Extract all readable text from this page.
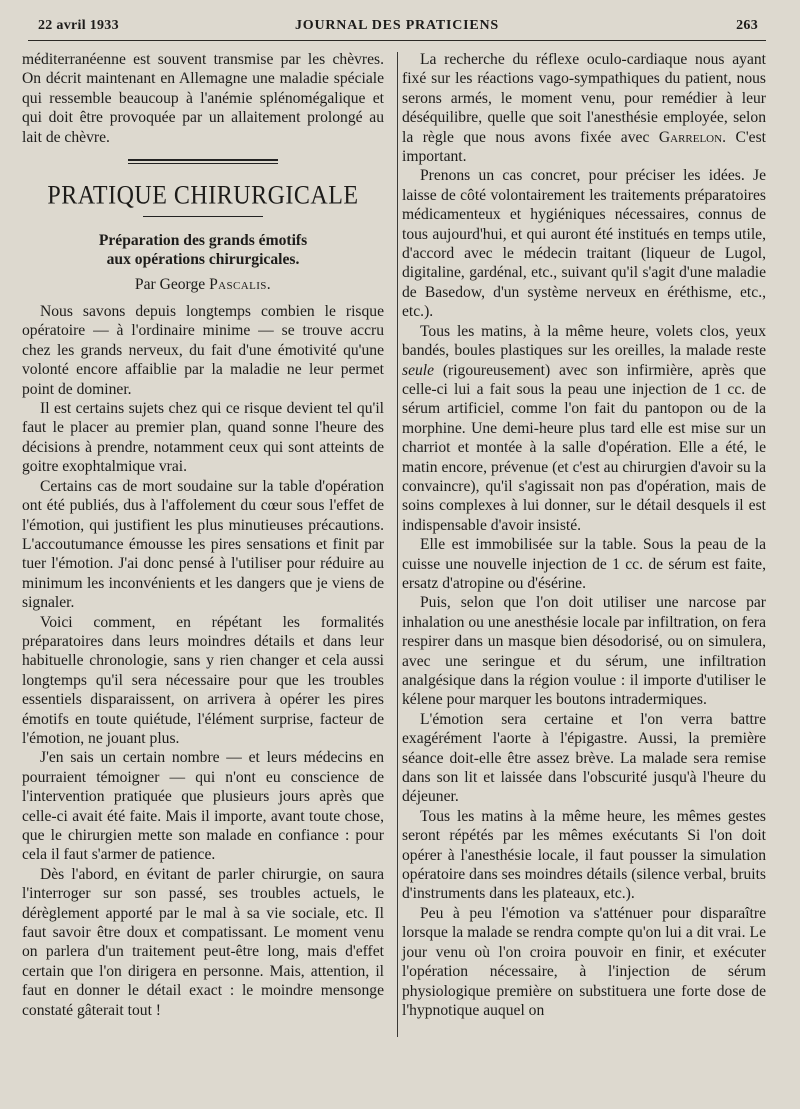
22 avril 1933	JOURNAL DES PRATICIENS	263

méditerranéenne est souvent transmise par les chèvres. On décrit maintenant en Allemagne une maladie spéciale qui ressemble beaucoup à l'anémie splénomégalique et qui doit être provoquée par un allaitement prolongé au lait de chèvre.

PRATIQUE CHIRURGICALE
Préparation des grands émotifs
aux opérations chirurgicales.
Par George Pascalis.

Nous savons depuis longtemps combien le risque opératoire — à l'ordinaire minime — se trouve accru chez les grands nerveux, du fait d'une émotivité qu'une volonté encore affaiblie par la maladie ne leur permet point de dominer.

Il est certains sujets chez qui ce risque devient tel qu'il faut le placer au premier plan, quand sonne l'heure des décisions à prendre, notamment ceux qui sont atteints de goitre exophtalmique vrai.

Certains cas de mort soudaine sur la table d'opération ont été publiés, dus à l'affolement du cœur sous l'effet de l'émotion, qui justifient les plus minutieuses précautions. L'accoutumance émousse les pires sensations et finit par tuer l'émotion. J'ai donc pensé à l'utiliser pour réduire au minimum les inconvénients et les dangers que je viens de signaler.

Voici comment, en répétant les formalités préparatoires dans leurs moindres détails et dans leur habituelle chronologie, sans y rien changer et cela aussi longtemps qu'il sera nécessaire pour que les troubles essentiels disparaissent, on arrivera à opérer les pires émotifs en toute quiétude, l'élément surprise, facteur de l'émotion, ne jouant plus.

J'en sais un certain nombre — et leurs médecins en pourraient témoigner — qui n'ont eu conscience de l'intervention pratiquée que plusieurs jours après que celle-ci avait été faite. Mais il importe, avant toute chose, que le chirurgien mette son malade en confiance : pour cela il faut s'armer de patience.

Dès l'abord, en évitant de parler chirurgie, on saura l'interroger sur son passé, ses troubles actuels, le dérèglement apporté par le mal à sa vie sociale, etc. Il faut savoir être doux et compatissant. Le moment venu on parlera d'un traitement peut-être long, mais d'effet certain que l'on dirigera en personne. Mais, attention, il faut en donner le détail exact : le moindre mensonge constaté gâterait tout !

La recherche du réflexe oculo-cardiaque nous ayant fixé sur les réactions vago-sympathiques du patient, nous serons armés, le moment venu, pour remédier à leur déséquilibre, quelle que soit l'anesthésie employée, selon la règle que nous avons fixée avec Garrelon. C'est important.

Prenons un cas concret, pour préciser les idées. Je laisse de côté volontairement les traitements préparatoires médicamenteux et hygiéniques nécessaires, connus de tous aujourd'hui, et qui auront été institués en temps utile, d'accord avec le médecin traitant (liqueur de Lugol, digitaline, gardénal, etc., suivant qu'il s'agit d'une maladie de Basedow, d'un système nerveux en éréthisme, etc., etc.).

Tous les matins, à la même heure, volets clos, yeux bandés, boules plastiques sur les oreilles, la malade reste seule (rigoureusement) avec son infirmière, après que celle-ci lui a fait sous la peau une injection de 1 cc. de sérum artificiel, comme l'on fait du pantopon ou de la morphine. Une demi-heure plus tard elle est mise sur un charriot et montée à la salle d'opération. Elle a été, le matin encore, prévenue (et c'est au chirurgien d'avoir su la convaincre), qu'il s'agissait non pas d'opération, mais de soins complexes à lui donner, sur le détail desquels il est indispensable d'avoir insisté.

Elle est immobilisée sur la table. Sous la peau de la cuisse une nouvelle injection de 1 cc. de sérum est faite, ersatz d'atropine ou d'ésérine.

Puis, selon que l'on doit utiliser une narcose par inhalation ou une anesthésie locale par infiltration, on fera respirer dans un masque bien désodorisé, ou on simulera, avec une seringue et du sérum, une infiltration analgésique dans la région voulue : il importe d'utiliser le kélene pour marquer les boutons intradermiques.

L'émotion sera certaine et l'on verra battre exagérément l'aorte à l'épigastre. Aussi, la première séance doit-elle être assez brève. La malade sera remise dans son lit et laissée dans l'obscurité jusqu'à l'heure du déjeuner.

Tous les matins à la même heure, les mêmes gestes seront répétés par les mêmes exécutants Si l'on doit opérer à l'anesthésie locale, il faut pousser la simulation opératoire dans ses moindres détails (silence verbal, bruits d'instruments dans les plateaux, etc.).

Peu à peu l'émotion va s'atténuer pour disparaître lorsque la malade se rendra compte qu'on lui a dit vrai. Le jour venu où l'on croira pouvoir en finir, et exécuter l'opération nécessaire, à l'injection de sérum physiologique première on substituera une forte dose de l'hypnotique auquel on
